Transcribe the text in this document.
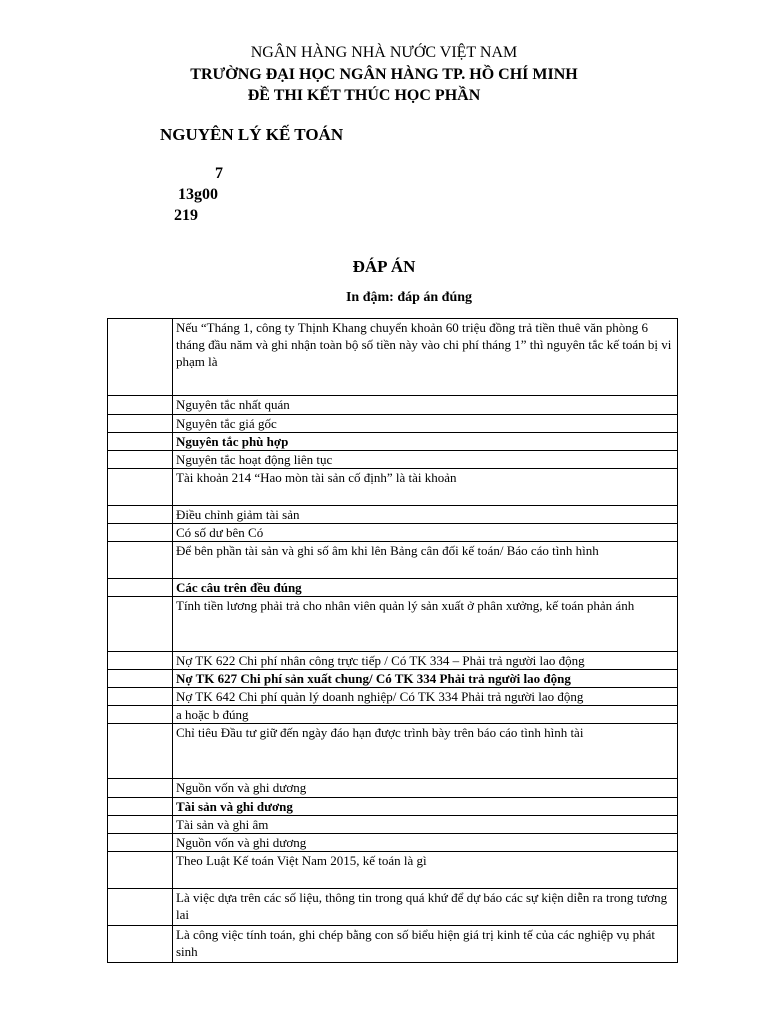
NGÂN HÀNG NHÀ NƯỚC VIỆT NAM
TRƯỜNG ĐẠI HỌC NGÂN HÀNG TP. HỒ CHÍ MINH
ĐỀ THI KẾT THÚC HỌC PHẦN
NGUYÊN LÝ KẾ TOÁN
7
13g00
219
ĐÁP ÁN
In đậm: đáp án đúng
	Nếu “Tháng 1, công ty Thịnh Khang chuyển khoản 60 triệu đồng trả tiền thuê văn phòng 6 tháng đầu năm và ghi nhận toàn bộ số tiền này vào chi phí tháng 1” thì nguyên tắc kế toán bị vi phạm là
	Nguyên tắc nhất quán
	Nguyên tắc giá gốc
	Nguyên tắc phù hợp
	Nguyên tắc hoạt động liên tục
	Tài khoản 214 “Hao mòn tài sản cố định” là tài khoản
	Điều chỉnh giảm tài sản
	Có số dư bên Có
	Để bên phần tài sản và ghi số âm khi lên Bảng cân đối kế toán/ Báo cáo tình hình
	Các câu trên đều đúng
	Tính tiền lương phải trả cho nhân viên quản lý sản xuất ở phân xưởng, kế toán phản ánh
	Nợ TK 622 Chi phí nhân công trực tiếp / Có TK 334 – Phải trả người lao động
	Nợ TK 627 Chi phí sản xuất chung/ Có TK 334 Phải trả người lao động
	Nợ TK 642 Chi phí quản lý doanh nghiệp/ Có TK 334 Phải trả người lao động
	a hoặc b đúng
	Chỉ tiêu Đầu tư giữ đến ngày đáo hạn được trình bày trên báo cáo tình hình tài
	Nguồn vốn và ghi dương
	Tài sản và ghi dương
	Tài sản và ghi âm
	Nguồn vốn và ghi dương
	Theo Luật Kế toán Việt Nam 2015, kế toán là gì
	Là việc dựa trên các số liệu, thông tin trong quá khứ để dự báo các sự kiện diễn ra trong tương lai
	Là công việc tính toán, ghi chép bằng con số biểu hiện giá trị kinh tế của các nghiệp vụ phát sinh
